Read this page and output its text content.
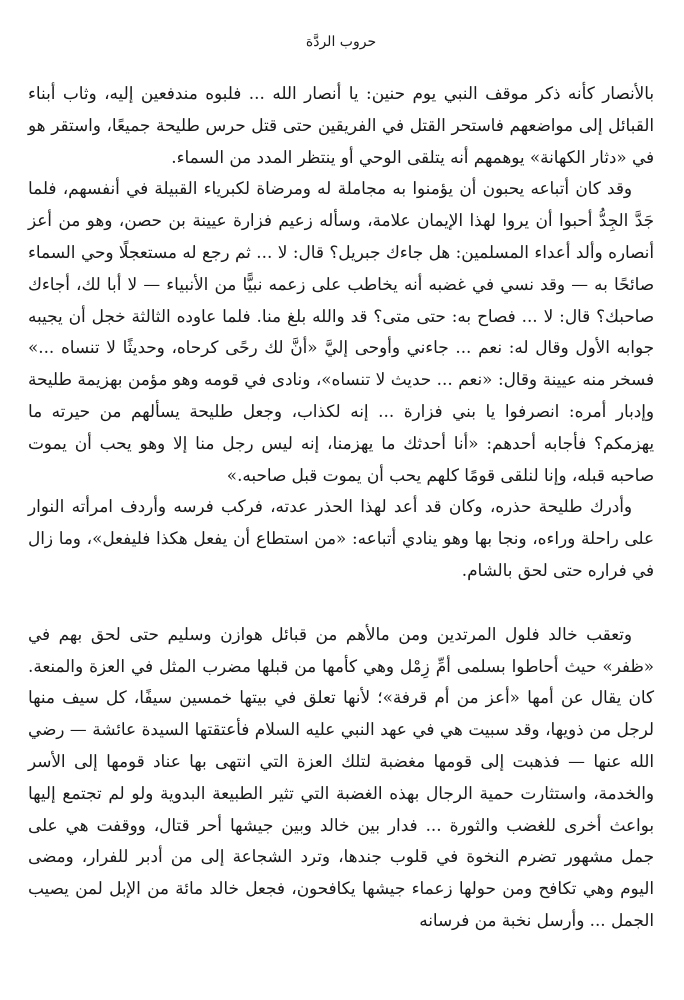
حروب الردَّة

بالأنصار كأنه ذكر موقف النبي يوم حنين: يا أنصار الله ... فلبوه مندفعين إليه، وثاب أبناء القبائل إلى مواضعهم فاستحر القتل في الفريقين حتى قتل حرس طليحة جميعًا، واستقر هو في «دثار الكهانة» يوهمهم أنه يتلقى الوحي أو ينتظر المدد من السماء.

وقد كان أتباعه يحبون أن يؤمنوا به مجاملة له ومرضاة لكبرياء القبيلة في أنفسهم، فلما جَدَّ الجِدُّ أحبوا أن يروا لهذا الإيمان علامة، وسأله زعيم فزارة عيينة بن حصن، وهو من أعز أنصاره وألد أعداء المسلمين: هل جاءك جبريل؟ قال: لا ... ثم رجع له مستعجلًا وحي السماء صائحًا به — وقد نسي في غضبه أنه يخاطب على زعمه نبيًّا من الأنبياء — لا أبا لك، أجاءك صاحبك؟ قال: لا ... فصاح به: حتى متى؟ قد والله بلغ منا. فلما عاوده الثالثة خجل أن يجيبه جوابه الأول وقال له: نعم ... جاءني وأوحى إليَّ «أنَّ لك رحًى كرحاه، وحديثًا لا تنساه ...» فسخر منه عيينة وقال: «نعم ... حديث لا تنساه»، ونادى في قومه وهو مؤمن بهزيمة طليحة وإدبار أمره: انصرفوا يا بني فزارة ... إنه لكذاب، وجعل طليحة يسألهم من حيرته ما يهزمكم؟ فأجابه أحدهم: «أنا أحدثك ما يهزمنا، إنه ليس رجل منا إلا وهو يحب أن يموت صاحبه قبله، وإنا لنلقى قومًا كلهم يحب أن يموت قبل صاحبه.»

وأدرك طليحة حذره، وكان قد أعد لهذا الحذر عدته، فركب فرسه وأردف امرأته النوار على راحلة وراءه، ونجا بها وهو ينادي أتباعه: «من استطاع أن يفعل هكذا فليفعل»، وما زال في فراره حتى لحق بالشام.

وتعقب خالد فلول المرتدين ومن مالأهم من قبائل هوازن وسليم حتى لحق بهم في «ظفر» حيث أحاطوا بسلمى أمِّ زِمْل وهي كأمها من قبلها مضرب المثل في العزة والمنعة. كان يقال عن أمها «أعز من أم قرفة»؛ لأنها تعلق في بيتها خمسين سيفًا، كل سيف منها لرجل من ذويها، وقد سبيت هي في عهد النبي عليه السلام فأعتقتها السيدة عائشة — رضي الله عنها — فذهبت إلى قومها مغضبة لتلك العزة التي انتهى بها عناد قومها إلى الأسر والخدمة، واستثارت حمية الرجال بهذه الغضبة التي تثير الطبيعة البدوية ولو لم تجتمع إليها بواعث أخرى للغضب والثورة ... فدار بين خالد وبين جيشها أحر قتال، ووقفت هي على جمل مشهور تضرم النخوة في قلوب جندها، وترد الشجاعة إلى من أدبر للفرار، ومضى اليوم وهي تكافح ومن حولها زعماء جيشها يكافحون، فجعل خالد مائة من الإبل لمن يصيب الجمل ... وأرسل نخبة من فرسانه
